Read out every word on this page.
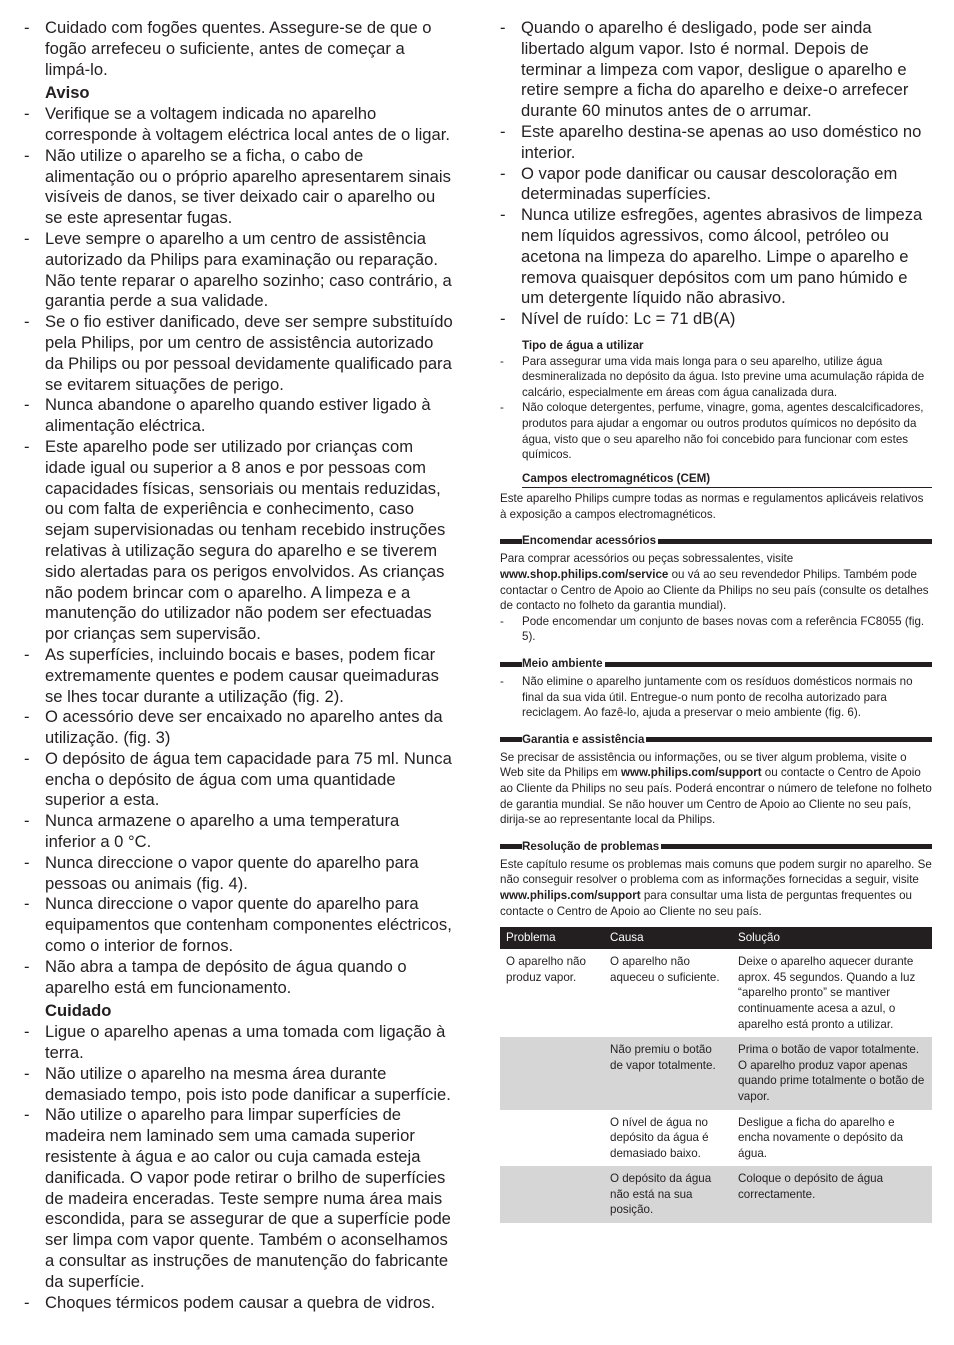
- Cuidado com fogões quentes. Assegure-se de que o fogão arrefeceu o suficiente, antes de começar a limpá-lo.
Aviso
- Verifique se a voltagem indicada no aparelho corresponde à voltagem eléctrica local antes de o ligar.
- Não utilize o aparelho se a ficha, o cabo de alimentação ou o próprio aparelho apresentarem sinais visíveis de danos, se tiver deixado cair o aparelho ou se este apresentar fugas.
- Leve sempre o aparelho a um centro de assistência autorizado da Philips para examinação ou reparação. Não tente reparar o aparelho sozinho; caso contrário, a garantia perde a sua validade.
- Se o fio estiver danificado, deve ser sempre substituído pela Philips, por um centro de assistência autorizado da Philips ou por pessoal devidamente qualificado para se evitarem situações de perigo.
- Nunca abandone o aparelho quando estiver ligado à alimentação eléctrica.
- Este aparelho pode ser utilizado por crianças com idade igual ou superior a 8 anos e por pessoas com capacidades físicas, sensoriais ou mentais reduzidas, ou com falta de experiência e conhecimento, caso sejam supervisionadas ou tenham recebido instruções relativas à utilização segura do aparelho e se tiverem sido alertadas para os perigos envolvidos. As crianças não podem brincar com o aparelho. A limpeza e a manutenção do utilizador não podem ser efectuadas por crianças sem supervisão.
- As superfícies, incluindo bocais e bases, podem ficar extremamente quentes e podem causar queimaduras se lhes tocar durante a utilização (fig. 2).
- O acessório deve ser encaixado no aparelho antes da utilização. (fig. 3)
- O depósito de água tem capacidade para 75 ml. Nunca encha o depósito de água com uma quantidade superior a esta.
- Nunca armazene o aparelho a uma temperatura inferior a 0 °C.
- Nunca direccione o vapor quente do aparelho para pessoas ou animais (fig. 4).
- Nunca direccione o vapor quente do aparelho para equipamentos que contenham componentes eléctricos, como o interior de fornos.
- Não abra a tampa de depósito de água quando o aparelho está em funcionamento.
Cuidado
- Ligue o aparelho apenas a uma tomada com ligação à terra.
- Não utilize o aparelho na mesma área durante demasiado tempo, pois isto pode danificar a superfície.
- Não utilize o aparelho para limpar superfícies de madeira nem laminado sem uma camada superior resistente à água e ao calor ou cuja camada esteja danificada. O vapor pode retirar o brilho de superfícies de madeira enceradas. Teste sempre numa área mais escondida, para se assegurar de que a superfície pode ser limpa com vapor quente. Também o aconselhamos a consultar as instruções de manutenção do fabricante da superfície.
- Choques térmicos podem causar a quebra de vidros.
- Quando o aparelho é desligado, pode ser ainda libertado algum vapor. Isto é normal. Depois de terminar a limpeza com vapor, desligue o aparelho e retire sempre a ficha do aparelho e deixe-o arrefecer durante 60 minutos antes de o arrumar.
- Este aparelho destina-se apenas ao uso doméstico no interior.
- O vapor pode danificar ou causar descoloração em determinadas superfícies.
- Nunca utilize esfregões, agentes abrasivos de limpeza nem líquidos agressivos, como álcool, petróleo ou acetona na limpeza do aparelho. Limpe o aparelho e remova quaisquer depósitos com um pano húmido e um detergente líquido não abrasivo.
- Nível de ruído: Lc = 71 dB(A)
Tipo de água a utilizar
-	Para assegurar uma vida mais longa para o seu aparelho, utilize água desmineralizada no depósito da água. Isto previne uma acumulação rápida de calcário, especialmente em áreas com água canalizada dura.
-	Não coloque detergentes, perfume, vinagre, goma, agentes descalcificadores, produtos para ajudar a engomar ou outros produtos químicos no depósito da água, visto que o seu aparelho não foi concebido para funcionar com estes químicos.
Campos electromagnéticos (CEM)

Este aparelho Philips cumpre todas as normas e regulamentos aplicáveis relativos à exposição a campos electromagnéticos.

Encomendar acessórios

Para comprar acessórios ou peças sobressalentes, visite
www.shop.philips.com/service ou vá ao seu revendedor Philips. Também pode contactar o Centro de Apoio ao Cliente da Philips no seu país (consulte os detalhes de contacto no folheto da garantia mundial).

-	Pode encomendar um conjunto de bases novas com a referência FC8055 (fig. 5).
Meio ambiente
-	Não elimine o aparelho juntamente com os resíduos domésticos normais no final da sua vida útil. Entregue-o num ponto de recolha autorizado para reciclagem. Ao fazê-lo, ajuda a preservar o meio ambiente (fig. 6).
Garantia e assistência

Se precisar de assistência ou informações, ou se tiver algum problema, visite o Web site da Philips em www.philips.com/support ou contacte o Centro de Apoio ao Cliente da Philips no seu país. Poderá encontrar o número de telefone no folheto de garantia mundial. Se não houver um Centro de Apoio ao Cliente no seu país, dirija-se ao representante local da Philips.

Resolução de problemas

Este capítulo resume os problemas mais comuns que podem surgir no aparelho. Se não conseguir resolver o problema com as informações fornecidas a seguir, visite www.philips.com/support para consultar uma lista de perguntas frequentes ou contacte o Centro de Apoio ao Cliente no seu país.

Problema	Causa	Solução
O aparelho não produz vapor.	O aparelho não aqueceu o suficiente.	Deixe o aparelho aquecer durante aprox. 45 segundos. Quando a luz “aparelho pronto” se mantiver continuamente acesa a azul, o aparelho está pronto a utilizar.
	Não premiu o botão de vapor totalmente.	Prima o botão de vapor totalmente. O aparelho produz vapor apenas quando prime totalmente o botão de vapor.
	O nível de água no depósito da água é demasiado baixo.	Desligue a ficha do aparelho e encha novamente o depósito da água.
	O depósito da água não está na sua posição.	Coloque o depósito de água correctamente.
